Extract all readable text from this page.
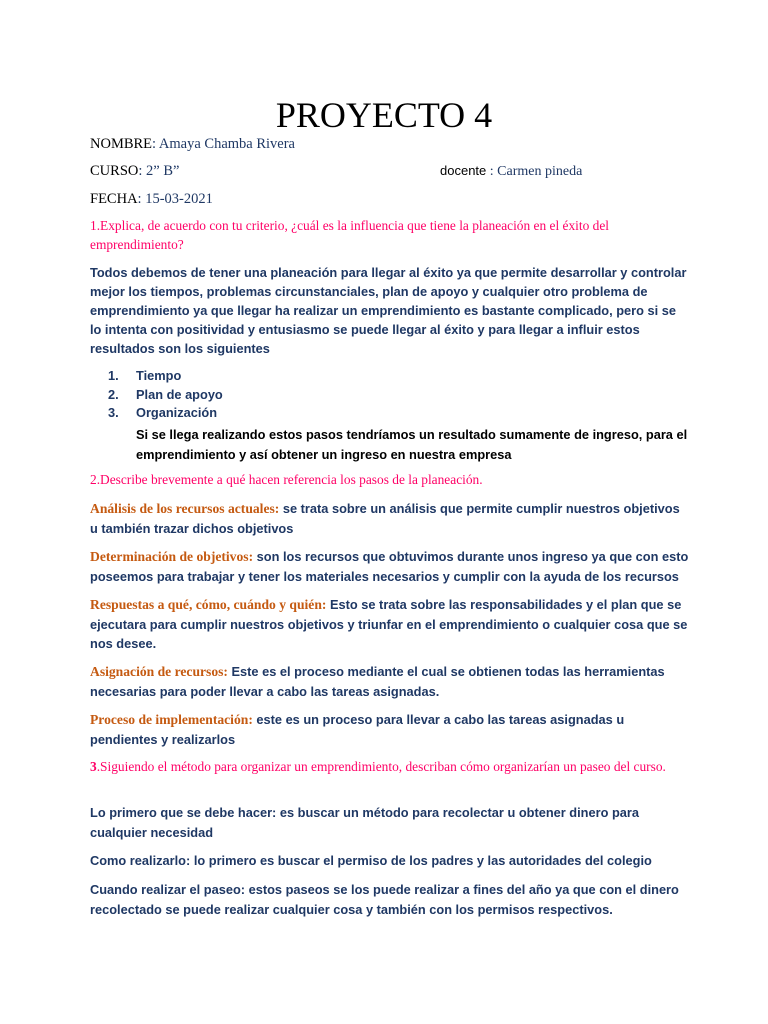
PROYECTO 4
NOMBRE: Amaya Chamba Rivera
CURSO: 2” B”	docente : Carmen pineda
FECHA: 15-03-2021
1.Explica, de acuerdo con tu criterio, ¿cuál es la influencia que tiene la planeación en el éxito del emprendimiento?
Todos debemos de tener una planeación para llegar al éxito ya que permite desarrollar y controlar mejor los tiempos, problemas circunstanciales, plan de apoyo y cualquier otro problema de emprendimiento ya que llegar ha realizar un emprendimiento es bastante complicado, pero si se lo intenta con positividad y entusiasmo se puede llegar al éxito y para llegar a influir estos resultados son los siguientes
1.	Tiempo
2.	Plan de apoyo
3.	Organización
Si se llega realizando estos pasos tendríamos un resultado sumamente de ingreso, para el emprendimiento y así obtener un ingreso en nuestra empresa
2.Describe brevemente a qué hacen referencia los pasos de la planeación.
Análisis de los recursos actuales: se trata sobre un análisis que permite cumplir nuestros objetivos u también trazar dichos objetivos
Determinación de objetivos: son los recursos que obtuvimos durante unos ingreso ya que con esto poseemos para trabajar y tener los materiales necesarios y cumplir con la ayuda de los recursos
Respuestas a qué, cómo, cuándo y quién: Esto se trata sobre las responsabilidades y el plan que se ejecutara para cumplir nuestros objetivos y triunfar en el emprendimiento o cualquier cosa que se nos desee.
Asignación de recursos: Este es el proceso mediante el cual se obtienen todas las herramientas necesarias para poder llevar a cabo las tareas asignadas.
Proceso de implementación: este es un proceso para llevar a cabo las tareas asignadas u pendientes y realizarlos
3.Siguiendo el método para organizar un emprendimiento, describan cómo organizarían un paseo del curso.
Lo primero que se debe hacer: es buscar un método para recolectar u obtener dinero para cualquier necesidad
Como realizarlo: lo primero es buscar el permiso de los padres y las autoridades del colegio
Cuando realizar el paseo: estos paseos se los puede realizar a fines del año ya que con el dinero recolectado se puede realizar cualquier cosa y también con los permisos respectivos.
